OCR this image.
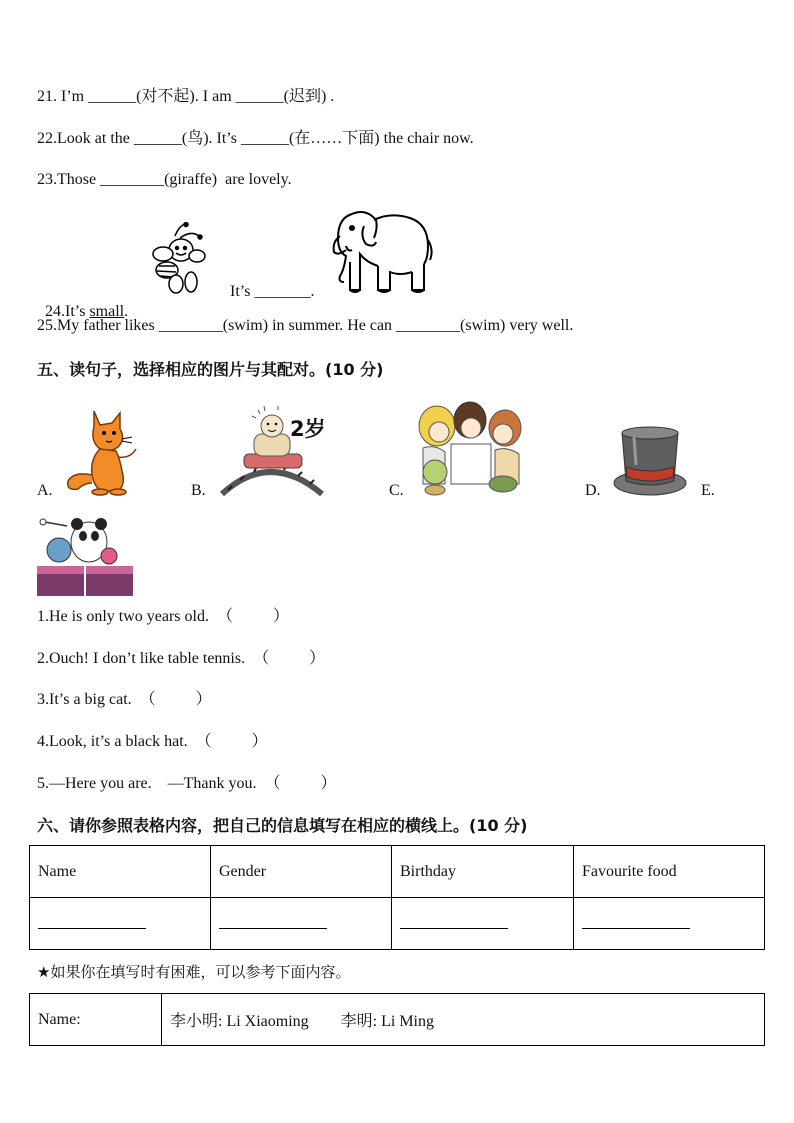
21. I’m ______(对不起). I am ______(迟到) .
22.Look at the ______(鸟). It’s ______(在……下面) the chair now.
23.Those ________(giraffe)  are lovely.

24.It’s small.

It’s _______.
25.My father likes ________(swim) in summer. He can ________(swim) very well.
五、读句子，选择相应的图片与其配对。(10 分)
2岁
A.	B.	C.	D.	E.
1.He is only two years old.  （          ）
2.Ouch! I don’t like table tennis.  （          ）
3.It’s a big cat.  （          ）
4.Look, it’s a black hat.  （          ）
5.—Here you are.    —Thank you.  （          ）
六、请你参照表格内容，把自己的信息填写在相应的横线上。(10 分)
Name	Gender	Birthday	Favourite food

★如果你在填写时有困难，可以参考下面内容。
Name:	李小明: Li Xiaoming        李明: Li Ming
